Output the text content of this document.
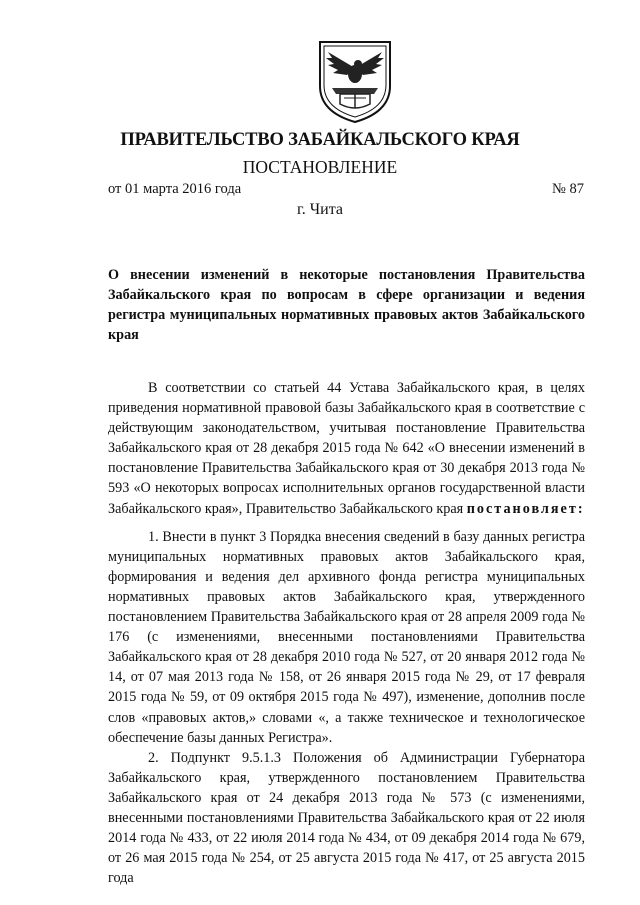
ПРАВИТЕЛЬСТВО ЗАБАЙКАЛЬСКОГО КРАЯ
ПОСТАНОВЛЕНИЕ
от 01 марта 2016 года	№ 87
г. Чита
О внесении изменений в некоторые постановления Правительства Забайкальского края по вопросам в сфере организации и ведения регистра муниципальных нормативных правовых актов Забайкальского края

В соответствии со статьей 44 Устава Забайкальского края, в целях приведения нормативной правовой базы Забайкальского края в соответствие с действующим законодательством, учитывая постановление Правительства Забайкальского края от 28 декабря 2015 года № 642 «О внесении изменений в постановление Правительства Забайкальского края от 30 декабря 2013 года № 593 «О некоторых вопросах исполнительных органов государственной власти Забайкальского края», Правительство Забайкальского края постановляет:

1. Внести в пункт 3 Порядка внесения сведений в базу данных регистра муниципальных нормативных правовых актов Забайкальского края, формирования и ведения дел архивного фонда регистра муниципальных нормативных правовых актов Забайкальского края, утвержденного постановлением Правительства Забайкальского края от 28 апреля 2009 года № 176 (с изменениями, внесенными постановлениями Правительства Забайкальского края от 28 декабря 2010 года № 527, от 20 января 2012 года № 14, от 07 мая 2013 года № 158, от 26 января 2015 года № 29, от 17 февраля 2015 года № 59, от 09 октября 2015 года № 497), изменение, дополнив после слов «правовых актов,» словами «, а также техническое и технологическое обеспечение базы данных Регистра».

2. Подпункт 9.5.1.3 Положения об Администрации Губернатора Забайкальского края, утвержденного постановлением Правительства Забайкальского края от 24 декабря 2013 года № 573 (с изменениями, внесенными постановлениями Правительства Забайкальского края от 22 июля 2014 года № 433, от 22 июля 2014 года № 434, от 09 декабря 2014 года № 679, от 26 мая 2015 года № 254, от 25 августа 2015 года № 417, от 25 августа 2015 года
